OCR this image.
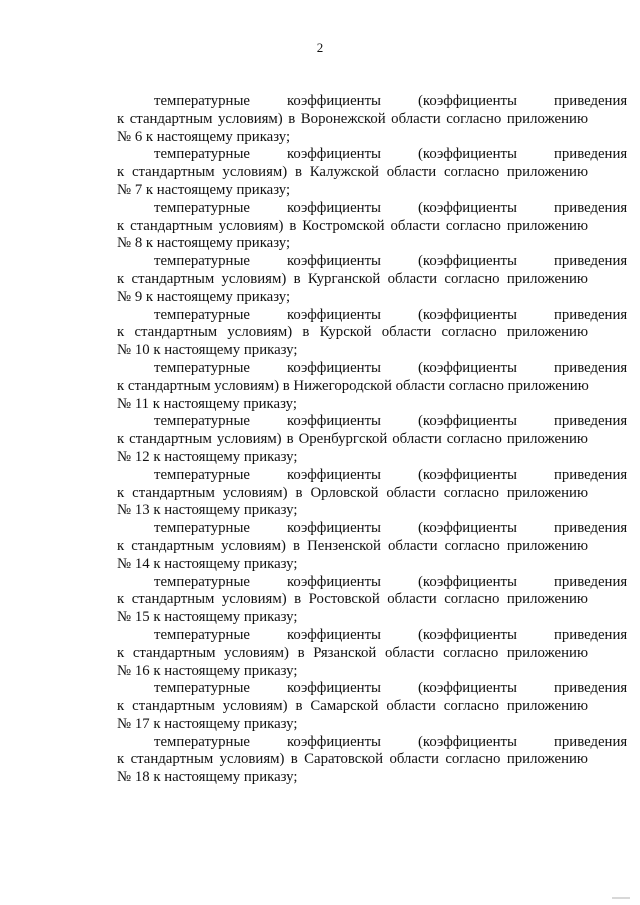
2

температурные	коэффициенты	(коэффициенты	приведения
к стандартным условиям) в Воронежской области согласно приложению
№ 6 к настоящему приказу;

температурные	коэффициенты	(коэффициенты	приведения
к стандартным условиям) в Калужской области согласно приложению
№ 7 к настоящему приказу;

температурные	коэффициенты	(коэффициенты	приведения
к стандартным условиям) в Костромской области согласно приложению
№ 8 к настоящему приказу;

температурные	коэффициенты	(коэффициенты	приведения
к стандартным условиям) в Курганской области согласно приложению
№ 9 к настоящему приказу;

температурные	коэффициенты	(коэффициенты	приведения
к стандартным условиям) в Курской области согласно приложению
№ 10 к настоящему приказу;

температурные	коэффициенты	(коэффициенты	приведения
к стандартным условиям) в Нижегородской области согласно приложению
№ 11 к настоящему приказу;

температурные	коэффициенты	(коэффициенты	приведения
к стандартным условиям) в Оренбургской области согласно приложению
№ 12 к настоящему приказу;

температурные	коэффициенты	(коэффициенты	приведения
к стандартным условиям) в Орловской области согласно приложению
№ 13 к настоящему приказу;

температурные	коэффициенты	(коэффициенты	приведения
к стандартным условиям) в Пензенской области согласно приложению
№ 14 к настоящему приказу;

температурные	коэффициенты	(коэффициенты	приведения
к стандартным условиям) в Ростовской области согласно приложению
№ 15 к настоящему приказу;

температурные	коэффициенты	(коэффициенты	приведения
к стандартным условиям) в Рязанской области согласно приложению
№ 16 к настоящему приказу;

температурные	коэффициенты	(коэффициенты	приведения
к стандартным условиям) в Самарской области согласно приложению
№ 17 к настоящему приказу;

температурные	коэффициенты	(коэффициенты	приведения
к стандартным условиям) в Саратовской области согласно приложению
№ 18 к настоящему приказу;
